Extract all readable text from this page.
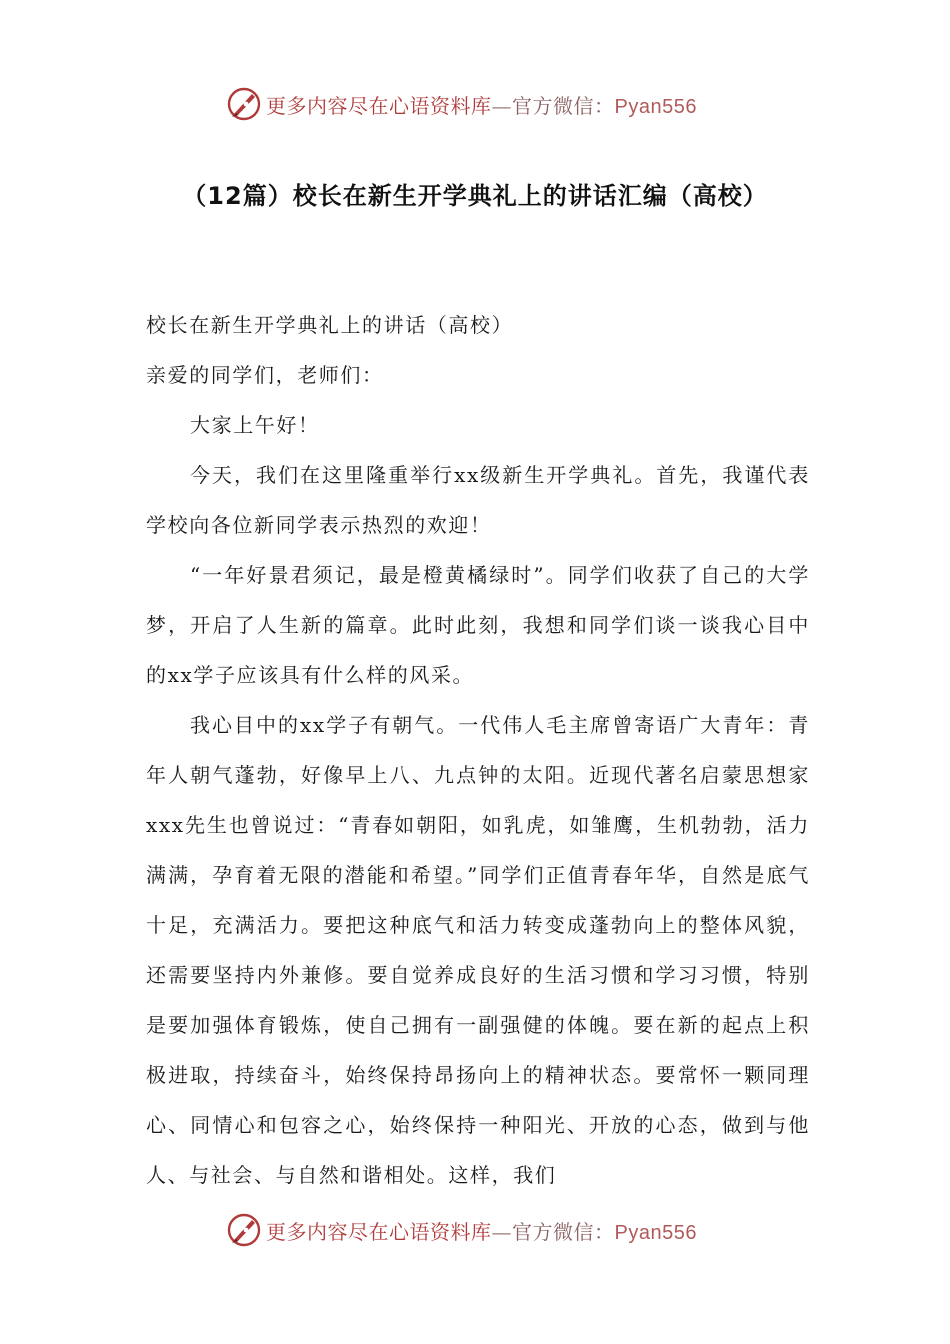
更多内容尽在心语资料库—官方微信：Pyan556
（12篇）校长在新生开学典礼上的讲话汇编（高校）

校长在新生开学典礼上的讲话（高校）

亲爱的同学们，老师们：

大家上午好！

今天，我们在这里隆重举行xx级新生开学典礼。首先，我谨代表学校向各位新同学表示热烈的欢迎！

“一年好景君须记，最是橙黄橘绿时”。同学们收获了自己的大学梦，开启了人生新的篇章。此时此刻，我想和同学们谈一谈我心目中的xx学子应该具有什么样的风采。

我心目中的xx学子有朝气。一代伟人毛主席曾寄语广大青年：青年人朝气蓬勃，好像早上八、九点钟的太阳。近现代著名启蒙思想家xxx先生也曾说过：“青春如朝阳，如乳虎，如雏鹰，生机勃勃，活力满满，孕育着无限的潜能和希望。”同学们正值青春年华，自然是底气十足，充满活力。要把这种底气和活力转变成蓬勃向上的整体风貌，还需要坚持内外兼修。要自觉养成良好的生活习惯和学习习惯，特别是要加强体育锻炼，使自己拥有一副强健的体魄。要在新的起点上积极进取，持续奋斗，始终保持昂扬向上的精神状态。要常怀一颗同理心、同情心和包容之心，始终保持一种阳光、开放的心态，做到与他人、与社会、与自然和谐相处。这样，我们

更多内容尽在心语资料库—官方微信：Pyan556
